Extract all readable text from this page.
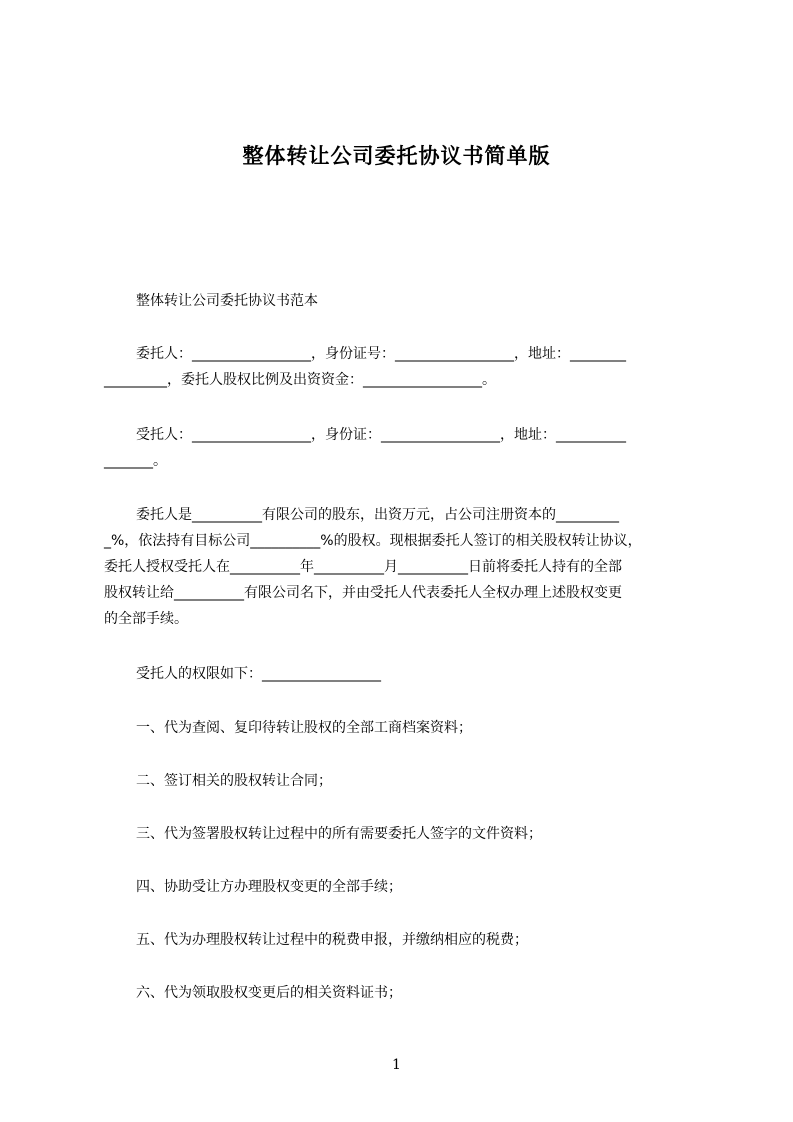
整体转让公司委托协议书简单版
整体转让公司委托协议书范本
委托人：_________________，身份证号：_________________，地址：________
_________，委托人股权比例及出资资金：_________________。
受托人：_________________，身份证：_________________，地址：__________
_______。
委托人是__________有限公司的股东，出资万元，占公司注册资本的_________
_%，依法持有目标公司__________%的股权。现根据委托人签订的相关股权转让协议，
委托人授权受托人在__________年__________月__________日前将委托人持有的全部
股权转让给__________有限公司名下，并由受托人代表委托人全权办理上述股权变更
的全部手续。
受托人的权限如下：_________________
一、代为查阅、复印待转让股权的全部工商档案资料；
二、签订相关的股权转让合同；
三、代为签署股权转让过程中的所有需要委托人签字的文件资料；
四、协助受让方办理股权变更的全部手续；
五、代为办理股权转让过程中的税费申报，并缴纳相应的税费；
六、代为领取股权变更后的相关资料证书；
1
